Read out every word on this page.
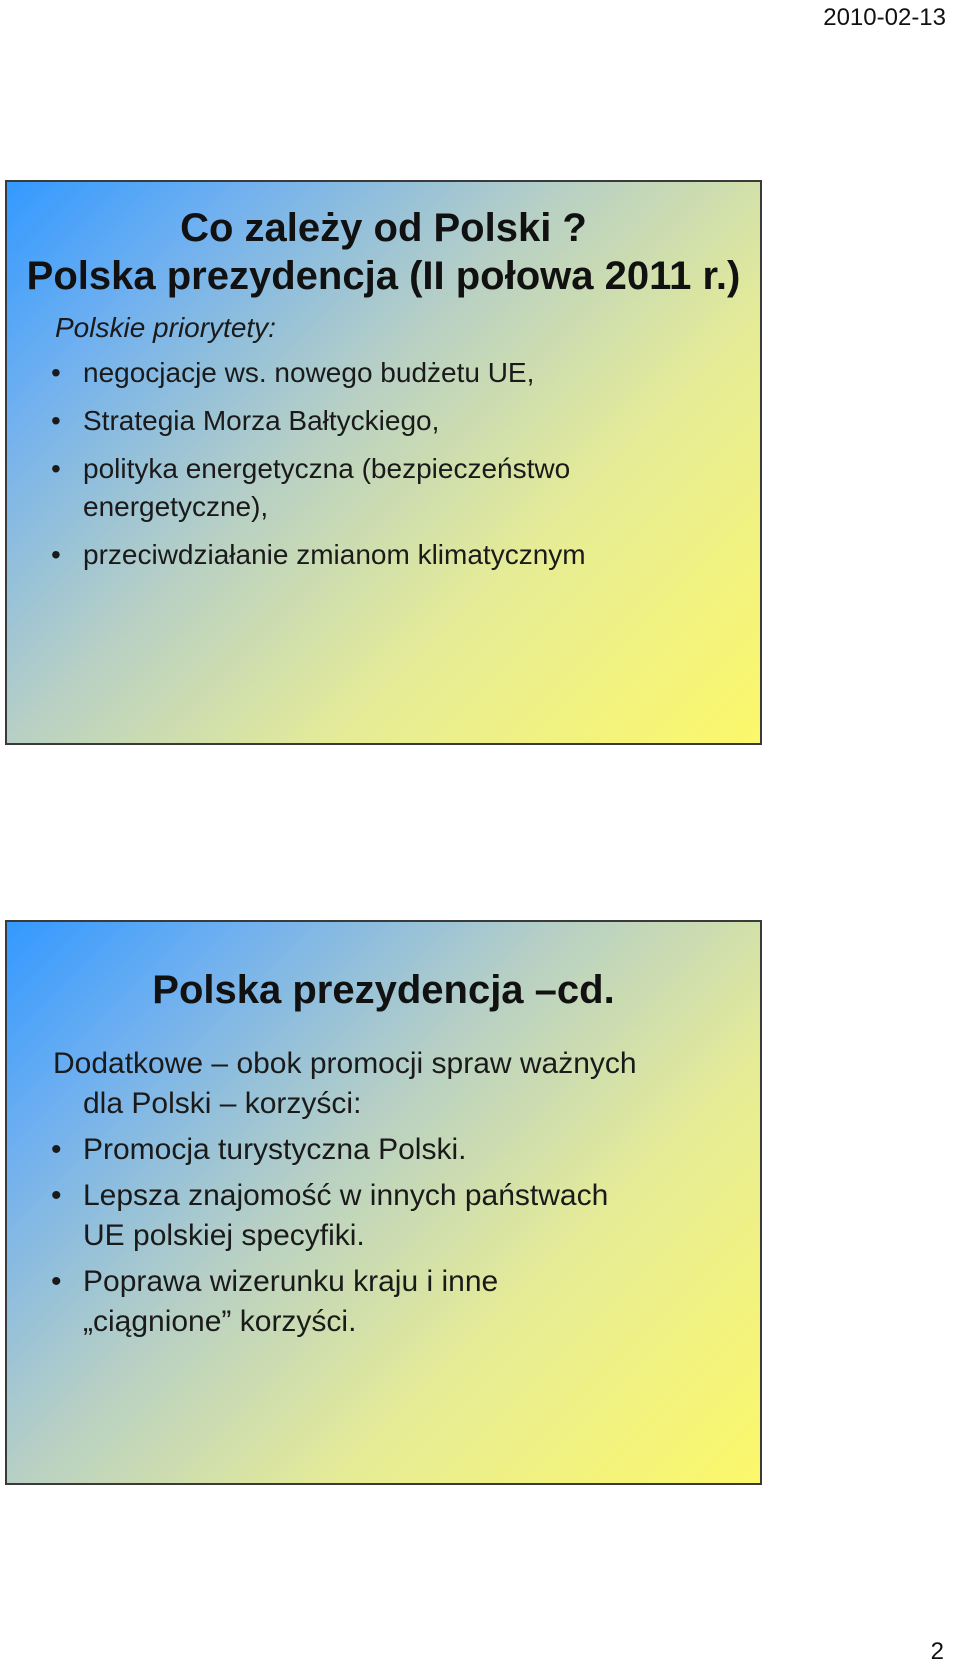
2010-02-13
Co zależy od Polski ?
Polska prezydencja (II połowa 2011 r.)

Polskie priorytety:

• negocjacje ws. nowego budżetu UE,
• Strategia Morza Bałtyckiego,
• polityka energetyczna (bezpieczeństwo energetyczne),
• przeciwdziałanie zmianom klimatycznym
Polska prezydencja –cd.

Dodatkowe – obok promocji spraw ważnych
dla Polski – korzyści:

• Promocja turystyczna Polski.
• Lepsza znajomość w innych państwach
UE polskiej specyfiki.
• Poprawa wizerunku kraju i inne
„ciągnione” korzyści.
2
